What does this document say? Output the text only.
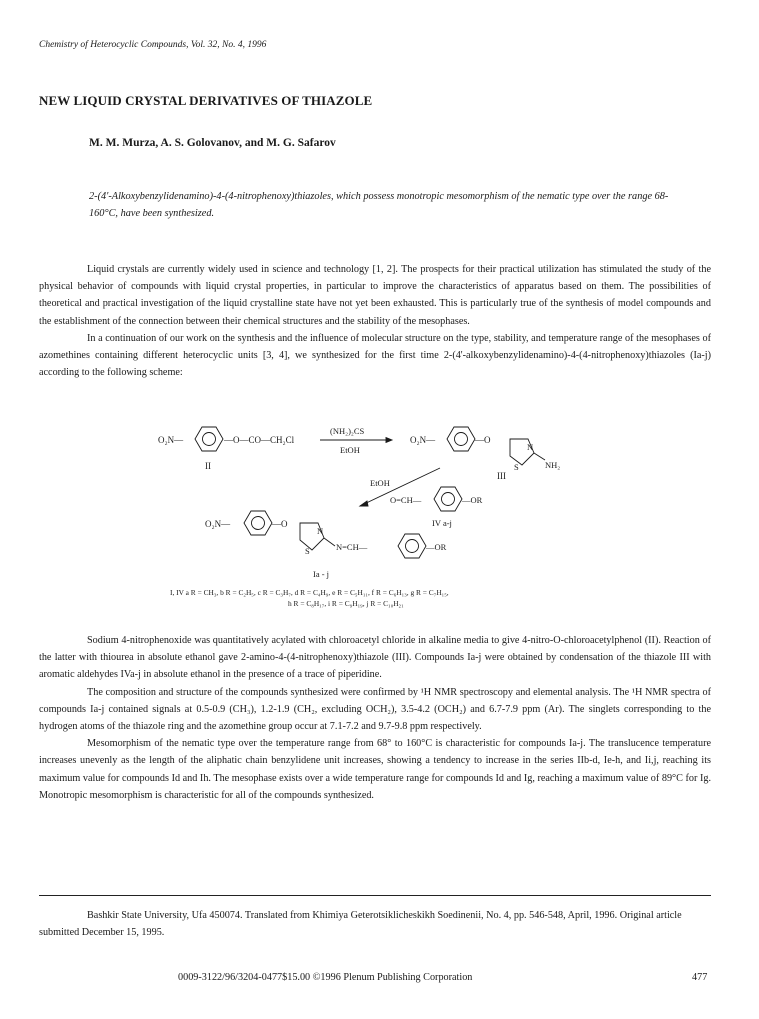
Chemistry of Heterocyclic Compounds, Vol. 32, No. 4, 1996
NEW LIQUID CRYSTAL DERIVATIVES OF THIAZOLE
M. M. Murza, A. S. Golovanov, and M. G. Safarov
2-(4'-Alkoxybenzylidenamino)-4-(4-nitrophenoxy)thiazoles, which possess monotropic mesomorphism of the nematic type over the range 68-160°C, have been synthesized.

Liquid crystals are currently widely used in science and technology [1, 2]. The prospects for their practical utilization has stimulated the study of the physical behavior of compounds with liquid crystal properties, in particular to improve the characteristics of apparatus based on them. The possibilities of theoretical and practical investigation of the liquid crystalline state have not yet been exhausted. This is particularly true of the synthesis of model compounds and the establishment of the connection between their chemical structures and the stability of the mesophases.

In a continuation of our work on the synthesis and the influence of molecular structure on the type, stability, and temperature range of the mesophases of azomethines containing different heterocyclic units [3, 4], we synthesized for the first time 2-(4'-alkoxybenzylidenamino)-4-(4-nitrophenoxy)thiazoles (Ia-j) according to the following scheme:

O₂N—	—O—CO—CH₂Cl
II
(NH₂)₂CS
EtOH
O₂N—	—O
N
S	NH₂
III
EtOH
O=CH—	—OR
IV a-j
O₂N—	—O
N
S	N=CH—	—OR
Ia - j
I, IV a R = CH₃, b R = C₂H₅, c R = C₃H₇, d R = C₄H₉, e R = C₅H₁₁, f R = C₆H₁₃, g R = C₇H₁₅,
h R = C₈H₁₇, i R = C₉H₁₉, j R = C₁₀H₂₁

Sodium 4-nitrophenoxide was quantitatively acylated with chloroacetyl chloride in alkaline media to give 4-nitro-O-chloroacetylphenol (II). Reaction of the latter with thiourea in absolute ethanol gave 2-amino-4-(4-nitrophenoxy)thiazole (III). Compounds Ia-j were obtained by condensation of the thiazole III with aromatic aldehydes IVa-j in absolute ethanol in the presence of a trace of piperidine.

The composition and structure of the compounds synthesized were confirmed by ¹H NMR spectroscopy and elemental analysis. The ¹H NMR spectra of compounds Ia-j contained signals at 0.5-0.9 (CH₃), 1.2-1.9 (CH₂, excluding OCH₂), 3.5-4.2 (OCH₂) and 6.7-7.9 ppm (Ar). The singlets corresponding to the hydrogen atoms of the thiazole ring and the azomethine group occur at 7.1-7.2 and 9.7-9.8 ppm respectively.

Mesomorphism of the nematic type over the temperature range from 68° to 160°C is characteristic for compounds Ia-j. The translucence temperature increases unevenly as the length of the aliphatic chain benzylidene unit increases, showing a tendency to increase in the series IIb-d, Ie-h, and Ii,j, reaching its maximum value for compounds Id and Ih. The mesophase exists over a wide temperature range for compounds Id and Ig, reaching a maximum value of 89°C for Ig. Monotropic mesomorphism is characteristic for all of the compounds synthesized.

Bashkir State University, Ufa 450074. Translated from Khimiya Geterotsiklicheskikh Soedinenii, No. 4, pp. 546-548, April, 1996. Original article submitted December 15, 1995.

0009-3122/96/3204-0477$15.00 ©1996 Plenum Publishing Corporation	477
